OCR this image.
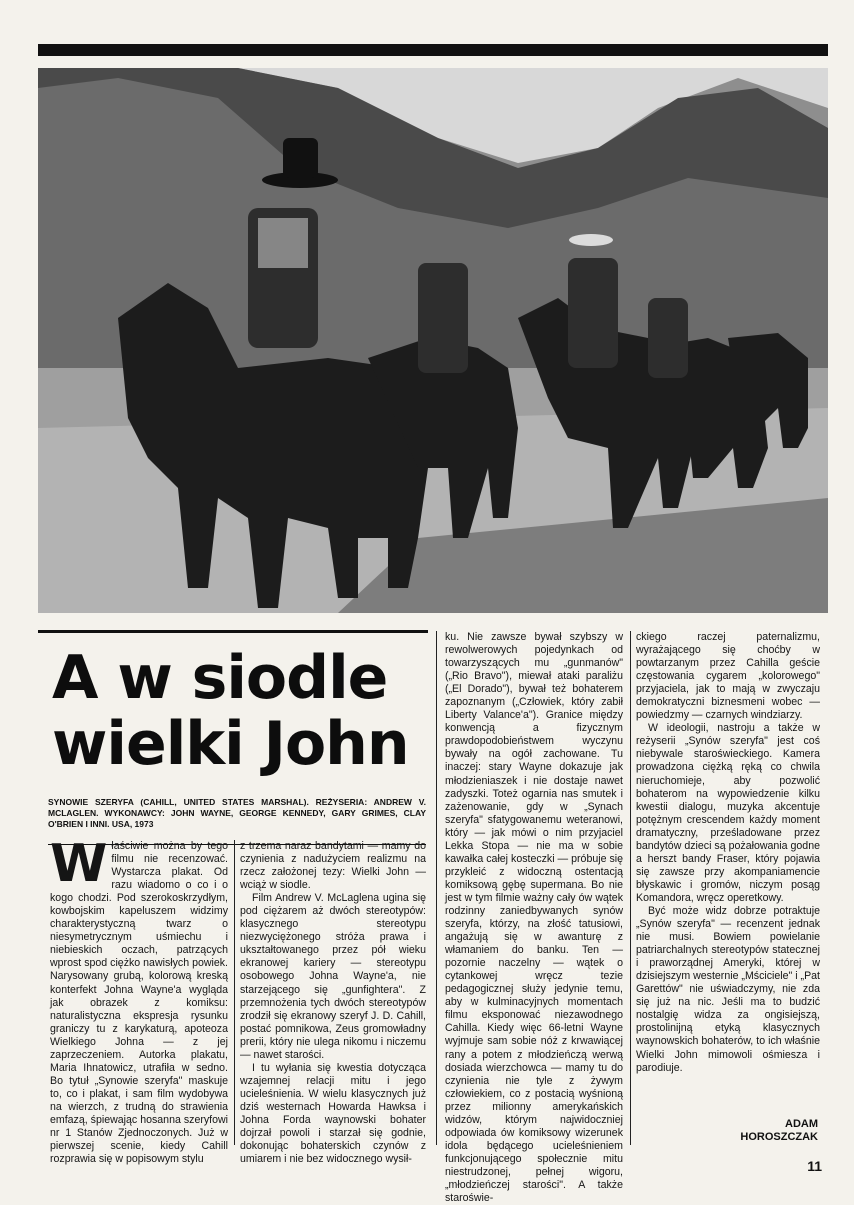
A w siodle
wielki John
SYNOWIE SZERYFA (CAHILL, UNITED STATES MARSHAL). REŻYSERIA: ANDREW V. MCLAGLEN. WYKONAWCY: JOHN WAYNE, GEORGE KENNEDY, GARY GRIMES, CLAY O'BRIEN I INNI. USA, 1973
W łaściwie można by tego filmu nie recenzować. Wystarcza plakat. Od razu wiadomo o co i o kogo chodzi. Pod szerokoskrzydłym, kowbojskim kapeluszem widzimy charakterystyczną twarz o niesymetrycznym uśmiechu i niebieskich oczach, patrzących wprost spod ciężko nawisłych powiek. Narysowany grubą, kolorową kreską konterfekt Johna Wayne'a wygląda jak obrazek z komiksu: naturalistyczna ekspresja rysunku graniczy tu z karykaturą, apoteoza Wielkiego Johna — z jej zaprzeczeniem. Autorka plakatu, Maria Ihnatowicz, utrafiła w sedno. Bo tytuł „Synowie szeryfa" maskuje to, co i plakat, i sam film wydobywa na wierzch, z trudną do strawienia emfazą, śpiewając hosanna szeryfowi nr 1 Stanów Zjednoczonych. Już w pierwszej scenie, kiedy Cahill rozprawia się w popisowym stylu

z trzema naraz bandytami — mamy do czynienia z nadużyciem realizmu na rzecz założonej tezy: Wielki John — wciąż w siodle.

Film Andrew V. McLaglena ugina się pod ciężarem aż dwóch stereotypów: klasycznego stereotypu niezwyciężonego stróża prawa i ukształtowanego przez pół wieku ekranowej kariery — stereotypu osobowego Johna Wayne'a, nie starzejącego się „gunfightera". Z przemnożenia tych dwóch stereotypów zrodził się ekranowy szeryf J. D. Cahill, postać pomnikowa, Zeus gromowładny prerii, który nie ulega nikomu i niczemu — nawet starości.

I tu wyłania się kwestia dotycząca wzajemnej relacji mitu i jego ucieleśnienia. W wielu klasycznych już dziś westernach Howarda Hawksa i Johna Forda waynowski bohater dojrzał powoli i starzał się godnie, dokonując bohaterskich czynów z umiarem i nie bez widocznego wysił-

ku. Nie zawsze bywał szybszy w rewolwerowych pojedynkach od towarzyszących mu „gunmanów" („Rio Bravo"), miewał ataki paraliżu („El Dorado"), bywał też bohaterem zapoznanym („Człowiek, który zabił Liberty Valance'a"). Granice między konwencją a fizycznym prawdopodobieństwem wyczynu bywały na ogół zachowane. Tu inaczej: stary Wayne dokazuje jak młodzieniaszek i nie dostaje nawet zadyszki. Toteż ogarnia nas smutek i zażenowanie, gdy w „Synach szeryfa" sfatygowanemu weteranowi, który — jak mówi o nim przyjaciel Lekka Stopa — nie ma w sobie kawałka całej kosteczki — próbuje się przykleić z widoczną ostentacją komiksową gębę supermana. Bo nie jest w tym filmie ważny cały ów wątek rodzinny zaniedbywanych synów szeryfa, którzy, na złość tatusiowi, angażują się w awanturę z włamaniem do banku. Ten — pozornie naczelny — wątek o cytankowej wręcz tezie pedagogicznej służy jedynie temu, aby w kulminacyjnych momentach filmu eksponować niezawodnego Cahilla. Kiedy więc 66-letni Wayne wyjmuje sam sobie nóż z krwawiącej rany a potem z młodzieńczą werwą dosiada wierzchowca — mamy tu do czynienia nie tyle z żywym człowiekiem, co z postacią wyśnioną przez milionny amerykańskich widzów, którym najwidoczniej odpowiada ów komiksowy wizerunek idola będącego ucieleśnieniem funkcjonującego społecznie mitu niestrudzonej, pełnej wigoru, „młodzieńczej starości". A także staroświe-

ckiego raczej paternalizmu, wyrażającego się choćby w powtarzanym przez Cahilla geście częstowania cygarem „kolorowego" przyjaciela, jak to mają w zwyczaju demokratyczni biznesmeni wobec — powiedzmy — czarnych windziarzy.

W ideologii, nastroju a także w reżyserii „Synów szeryfa" jest coś niebywale staroświeckiego. Kamera prowadzona ciężką ręką co chwila nieruchomieje, aby pozwolić bohaterom na wypowiedzenie kilku kwestii dialogu, muzyka akcentuje potężnym crescendem każdy moment dramatyczny, prześladowane przez bandytów dzieci są pożałowania godne a herszt bandy Fraser, który pojawia się zawsze przy akompaniamencie błyskawic i gromów, niczym posąg Komandora, wręcz operetkowy.

Być może widz dobrze potraktuje „Synów szeryfa" — recenzent jednak nie musi. Bowiem powielanie patriarchalnych stereotypów statecznej i praworządnej Ameryki, której w dzisiejszym westernie „Mściciele" i „Pat Garettów" nie uświadczymy, nie zda się już na nic. Jeśli ma to budzić nostalgię widza za ongisiejszą, prostolinijną etyką klasycznych waynowskich bohaterów, to ich właśnie Wielki John mimowoli ośmiesza i parodiuje.

ADAM
HOROSZCZAK
11
